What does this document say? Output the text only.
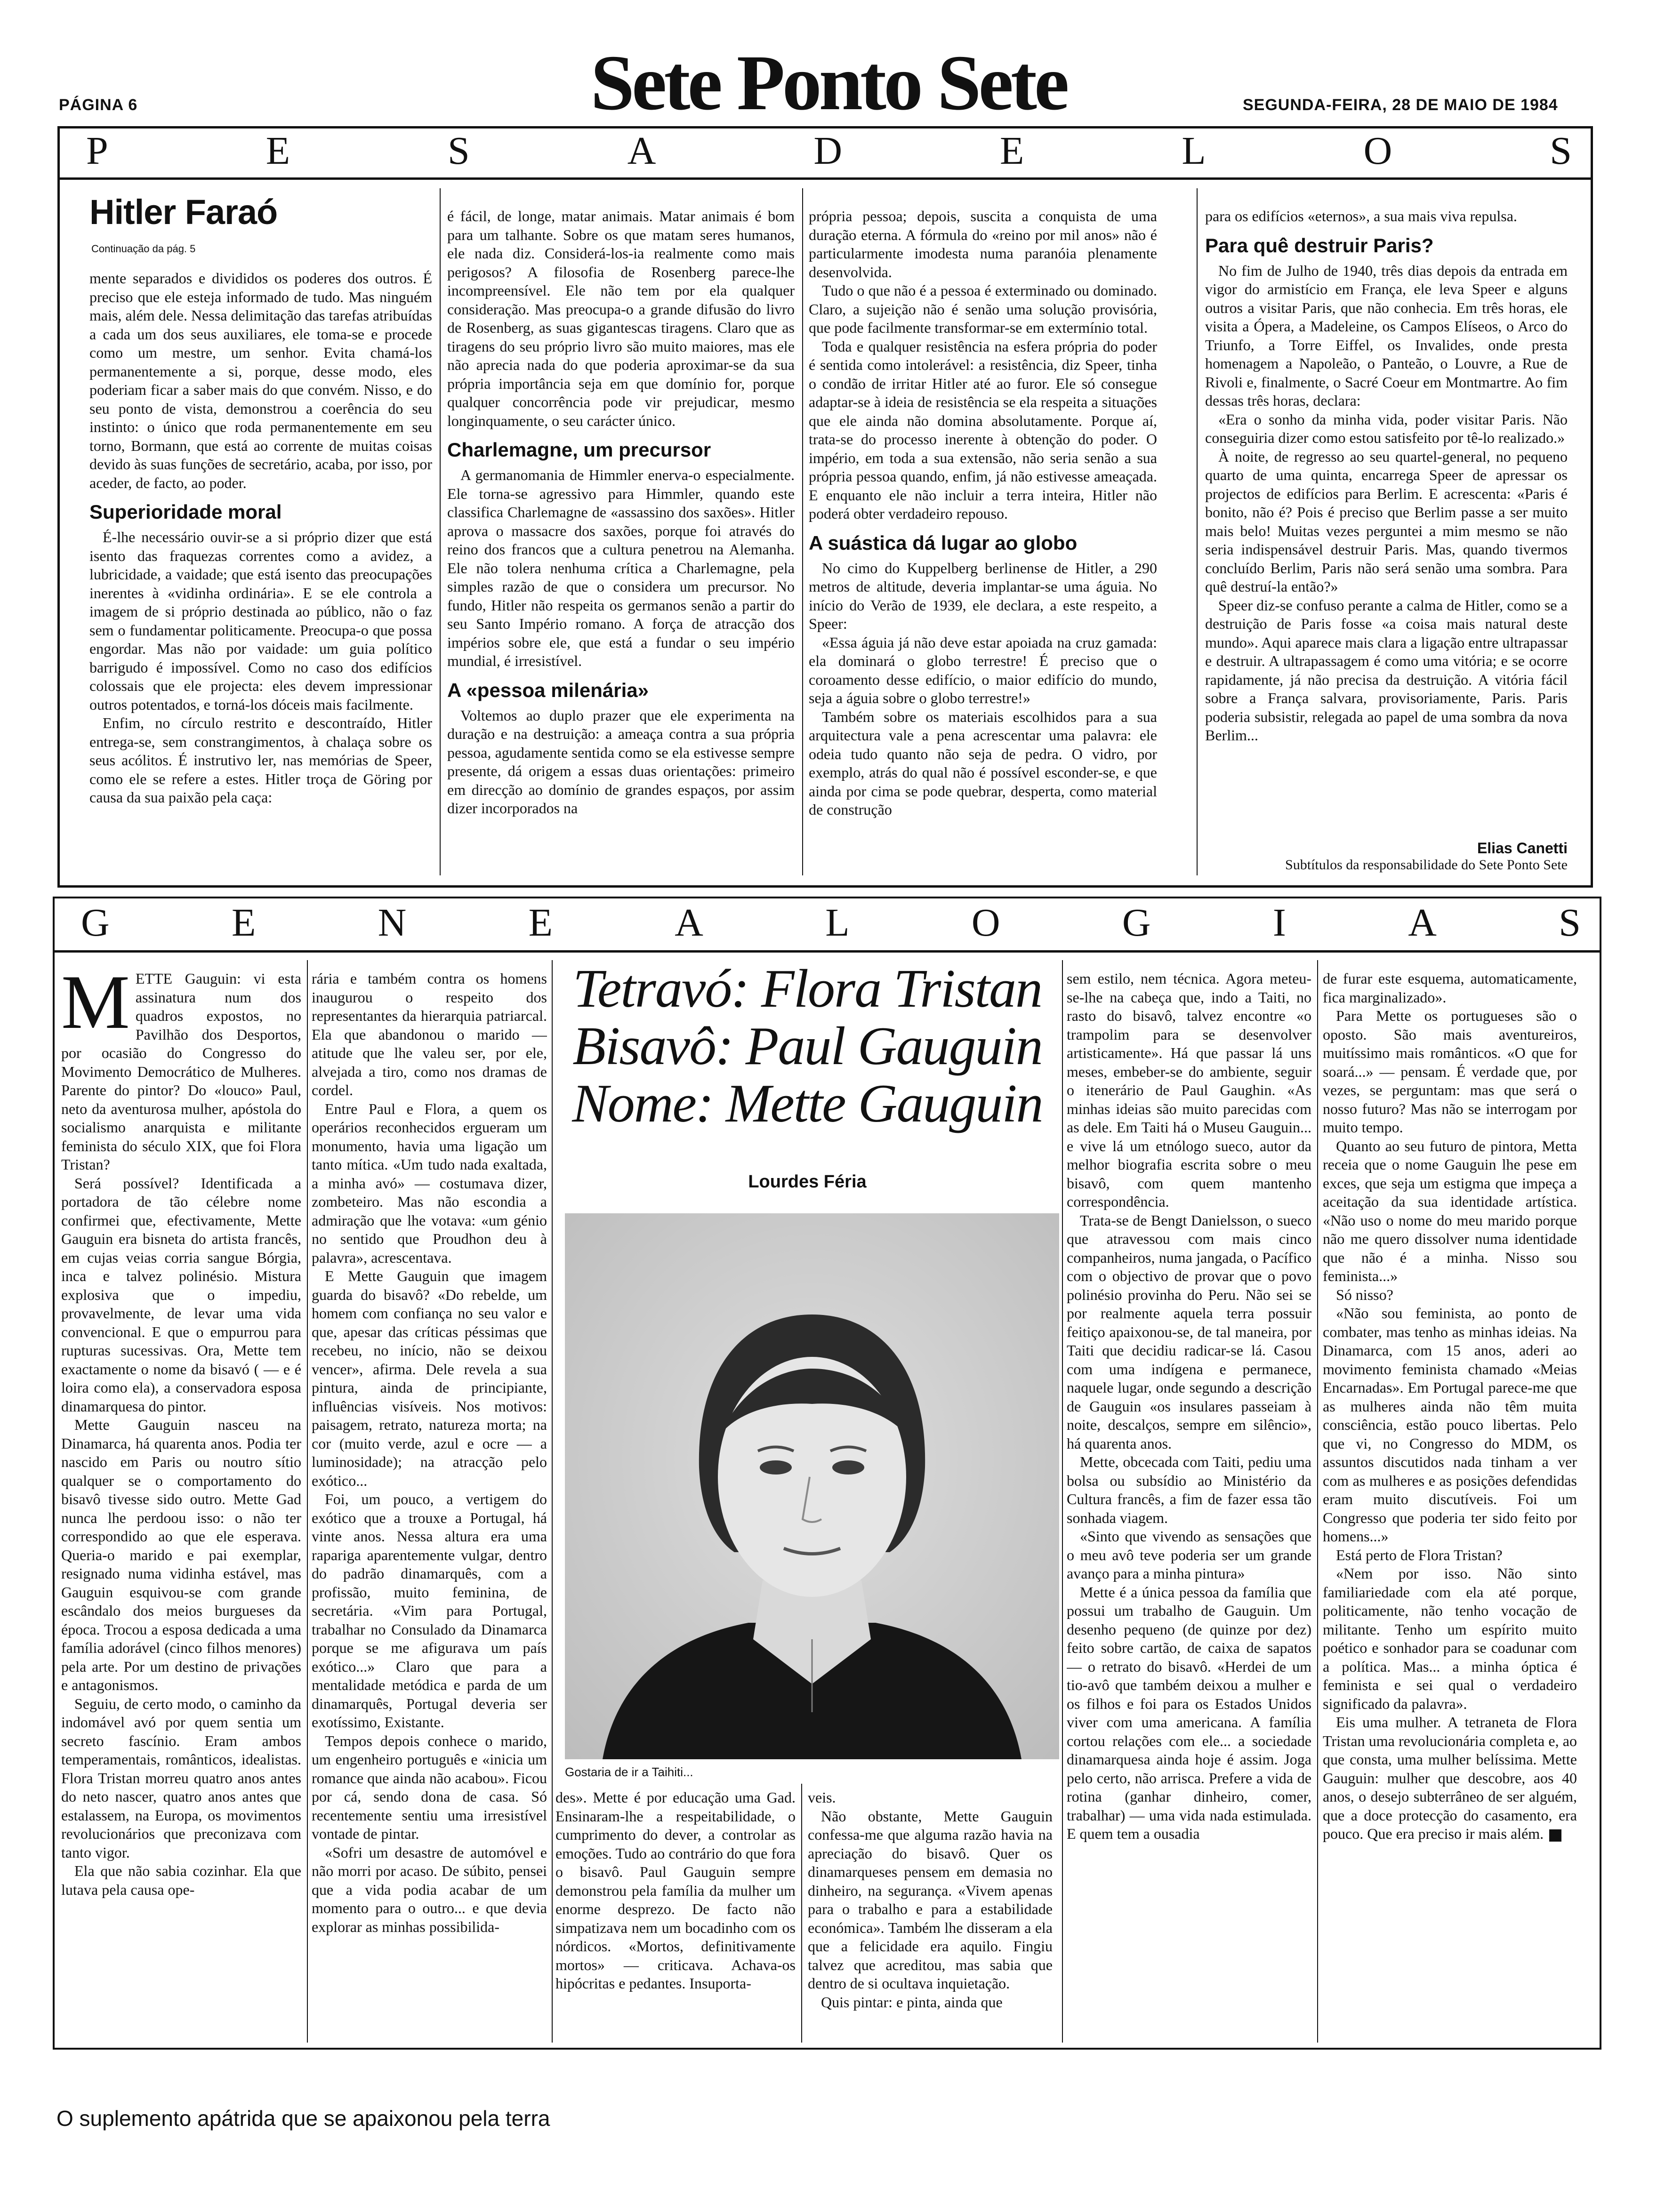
PÁGINA 6	Sete Ponto Sete	SEGUNDA-FEIRA, 28 DE MAIO DE 1984
P	E	S	A	D	E	L	O	S
Hitler Faraó
Continuação da pág. 5

mente separados e divididos os poderes dos outros. É preciso que ele esteja informado de tudo. Mas ninguém mais, além dele. Nessa delimitação das tarefas atribuídas a cada um dos seus auxiliares, ele toma-se e procede como um mestre, um senhor. Evita chamá-los permanentemente a si, porque, desse modo, eles poderiam ficar a saber mais do que convém. Nisso, e do seu ponto de vista, demonstrou a coerência do seu instinto: o único que roda permanentemente em seu torno, Bormann, que está ao corrente de muitas coisas devido às suas funções de secretário, acaba, por isso, por aceder, de facto, ao poder.

Superioridade moral

É-lhe necessário ouvir-se a si próprio dizer que está isento das fraquezas correntes como a avidez, a lubricidade, a vaidade; que está isento das preocupações inerentes à «vidinha ordinária». E se ele controla a imagem de si próprio destinada ao público, não o faz sem o fundamentar politicamente. Preocupa-o que possa engordar. Mas não por vaidade: um guia político barrigudo é impossível. Como no caso dos edifícios colossais que ele projecta: eles devem impressionar outros potentados, e torná-los dóceis mais facilmente.

Enfim, no círculo restrito e descontraído, Hitler entrega-se, sem constrangimentos, à chalaça sobre os seus acólitos. É instrutivo ler, nas memórias de Speer, como ele se refere a estes. Hitler troça de Göring por causa da sua paixão pela caça:

é fácil, de longe, matar animais. Matar animais é bom para um talhante. Sobre os que matam seres humanos, ele nada diz. Considerá-los-ia realmente como mais perigosos? A filosofia de Rosenberg parece-lhe incompreensível. Ele não tem por ela qualquer consideração. Mas preocupa-o a grande difusão do livro de Rosenberg, as suas gigantescas tiragens. Claro que as tiragens do seu próprio livro são muito maiores, mas ele não aprecia nada do que poderia aproximar-se da sua própria importância seja em que domínio for, porque qualquer concorrência pode vir prejudicar, mesmo longinquamente, o seu carácter único.

Charlemagne, um precursor

A germanomania de Himmler enerva-o especialmente. Ele torna-se agressivo para Himmler, quando este classifica Charlemagne de «assassino dos saxões». Hitler aprova o massacre dos saxões, porque foi através do reino dos francos que a cultura penetrou na Alemanha. Ele não tolera nenhuma crítica a Charlemagne, pela simples razão de que o considera um precursor. No fundo, Hitler não respeita os germanos senão a partir do seu Santo Império romano. A força de atracção dos impérios sobre ele, que está a fundar o seu império mundial, é irresistível.

A «pessoa milenária»

Voltemos ao duplo prazer que ele experimenta na duração e na destruição: a ameaça contra a sua própria pessoa, agudamente sentida como se ela estivesse sempre presente, dá origem a essas duas orientações: primeiro em direcção ao domínio de grandes espaços, por assim dizer incorporados na

própria pessoa; depois, suscita a conquista de uma duração eterna. A fórmula do «reino por mil anos» não é particularmente imodesta numa paranóia plenamente desenvolvida.

Tudo o que não é a pessoa é exterminado ou dominado. Claro, a sujeição não é senão uma solução provisória, que pode facilmente transformar-se em extermínio total.

Toda e qualquer resistência na esfera própria do poder é sentida como intolerável: a resistência, diz Speer, tinha o condão de irritar Hitler até ao furor. Ele só consegue adaptar-se à ideia de resistência se ela respeita a situações que ele ainda não domina absolutamente. Porque aí, trata-se do processo inerente à obtenção do poder. O império, em toda a sua extensão, não seria senão a sua própria pessoa quando, enfim, já não estivesse ameaçada. E enquanto ele não incluir a terra inteira, Hitler não poderá obter verdadeiro repouso.

A suástica dá lugar ao globo

No cimo do Kuppelberg berlinense de Hitler, a 290 metros de altitude, deveria implantar-se uma águia. No início do Verão de 1939, ele declara, a este respeito, a Speer:

«Essa águia já não deve estar apoiada na cruz gamada: ela dominará o globo terrestre! É preciso que o coroamento desse edifício, o maior edifício do mundo, seja a águia sobre o globo terrestre!»

Também sobre os materiais escolhidos para a sua arquitectura vale a pena acrescentar uma palavra: ele odeia tudo quanto não seja de pedra. O vidro, por exemplo, atrás do qual não é possível esconder-se, e que ainda por cima se pode quebrar, desperta, como material de construção

para os edifícios «eternos», a sua mais viva repulsa.

Para quê destruir Paris?

No fim de Julho de 1940, três dias depois da entrada em vigor do armistício em França, ele leva Speer e alguns outros a visitar Paris, que não conhecia. Em três horas, ele visita a Ópera, a Madeleine, os Campos Elíseos, o Arco do Triunfo, a Torre Eiffel, os Invalides, onde presta homenagem a Napoleão, o Panteão, o Louvre, a Rue de Rivoli e, finalmente, o Sacré Coeur em Montmartre. Ao fim dessas três horas, declara:

«Era o sonho da minha vida, poder visitar Paris. Não conseguiria dizer como estou satisfeito por tê-lo realizado.»

À noite, de regresso ao seu quartel-general, no pequeno quarto de uma quinta, encarrega Speer de apressar os projectos de edifícios para Berlim. E acrescenta: «Paris é bonito, não é? Pois é preciso que Berlim passe a ser muito mais belo! Muitas vezes perguntei a mim mesmo se não seria indispensável destruir Paris. Mas, quando tivermos concluído Berlim, Paris não será senão uma sombra. Para quê destruí-la então?»

Speer diz-se confuso perante a calma de Hitler, como se a destruição de Paris fosse «a coisa mais natural deste mundo». Aqui aparece mais clara a ligação entre ultrapassar e destruir. A ultrapassagem é como uma vitória; e se ocorre rapidamente, já não precisa da destruição. A vitória fácil sobre a França salvara, provisoriamente, Paris. Paris poderia subsistir, relegada ao papel de uma sombra da nova Berlim...

Elias Canetti
Subtítulos da responsabilidade do Sete Ponto Sete
G	E	N	E	A	L	O	G	I	A	S

METTE Gauguin: vi esta assinatura num dos quadros expostos, no Pavilhão dos Desportos, por ocasião do Congresso do Movimento Democrático de Mulheres. Parente do pintor? Do «louco» Paul, neto da aventurosa mulher, apóstola do socialismo anarquista e militante feminista do século XIX, que foi Flora Tristan?

Será possível? Identificada a portadora de tão célebre nome confirmei que, efectivamente, Mette Gauguin era bisneta do artista francês, em cujas veias corria sangue Bórgia, inca e talvez polinésio. Mistura explosiva que o impediu, provavelmente, de levar uma vida convencional. E que o empurrou para rupturas sucessivas. Ora, Mette tem exactamente o nome da bisavó ( — e é loira como ela), a conservadora esposa dinamarquesa do pintor.

Mette Gauguin nasceu na Dinamarca, há quarenta anos. Podia ter nascido em Paris ou noutro sítio qualquer se o comportamento do bisavô tivesse sido outro. Mette Gad nunca lhe perdoou isso: o não ter correspondido ao que ele esperava. Queria-o marido e pai exemplar, resignado numa vidinha estável, mas Gauguin esquivou-se com grande escândalo dos meios burgueses da época. Trocou a esposa dedicada a uma família adorável (cinco filhos menores) pela arte. Por um destino de privações e antagonismos.

Seguiu, de certo modo, o caminho da indomável avó por quem sentia um secreto fascínio. Eram ambos temperamentais, românticos, idealistas. Flora Tristan morreu quatro anos antes do neto nascer, quatro anos antes que estalassem, na Europa, os movimentos revolucionários que preconizava com tanto vigor.

Ela que não sabia cozinhar. Ela que lutava pela causa ope-

rária e também contra os homens inaugurou o respeito dos representantes da hierarquia patriarcal. Ela que abandonou o marido — atitude que lhe valeu ser, por ele, alvejada a tiro, como nos dramas de cordel.

Entre Paul e Flora, a quem os operários reconhecidos ergueram um monumento, havia uma ligação um tanto mítica. «Um tudo nada exaltada, a minha avó» — costumava dizer, zombeteiro. Mas não escondia a admiração que lhe votava: «um génio no sentido que Proudhon deu à palavra», acrescentava.

E Mette Gauguin que imagem guarda do bisavô? «Do rebelde, um homem com confiança no seu valor e que, apesar das críticas péssimas que recebeu, no início, não se deixou vencer», afirma. Dele revela a sua pintura, ainda de principiante, influências visíveis. Nos motivos: paisagem, retrato, natureza morta; na cor (muito verde, azul e ocre — a luminosidade); na atracção pelo exótico...

Foi, um pouco, a vertigem do exótico que a trouxe a Portugal, há vinte anos. Nessa altura era uma rapariga aparentemente vulgar, dentro do padrão dinamarquês, com a profissão, muito feminina, de secretária. «Vim para Portugal, trabalhar no Consulado da Dinamarca porque se me afigurava um país exótico...» Claro que para a mentalidade metódica e parda de um dinamarquês, Portugal deveria ser exotíssimo, Existante.

Tempos depois conhece o marido, um engenheiro português e «inicia um romance que ainda não acabou». Ficou por cá, sendo dona de casa. Só recentemente sentiu uma irresistível vontade de pintar.

«Sofri um desastre de automóvel e não morri por acaso. De súbito, pensei que a vida podia acabar de um momento para o outro... e que devia explorar as minhas possibilida-

Tetravó: Flora Tristan
Bisavô: Paul Gauguin
Nome: Mette Gauguin
Lourdes Féria
Gostaria de ir a Taihiti...

des». Mette é por educação uma Gad. Ensinaram-lhe a respeitabilidade, o cumprimento do dever, a controlar as emoções. Tudo ao contrário do que fora o bisavô. Paul Gauguin sempre demonstrou pela família da mulher um enorme desprezo. De facto não simpatizava nem um bocadinho com os nórdicos. «Mortos, definitivamente mortos» — criticava. Achava-os hipócritas e pedantes. Insuporta-

veis.

Não obstante, Mette Gauguin confessa-me que alguma razão havia na apreciação do bisavô. Quer os dinamarqueses pensem em demasia no dinheiro, na segurança. «Vivem apenas para o trabalho e para a estabilidade económica». Também lhe disseram a ela que a felicidade era aquilo. Fingiu talvez que acreditou, mas sabia que dentro de si ocultava inquietação.

Quis pintar: e pinta, ainda que

sem estilo, nem técnica. Agora meteu-se-lhe na cabeça que, indo a Taiti, no rasto do bisavô, talvez encontre «o trampolim para se desenvolver artisticamente». Há que passar lá uns meses, embeber-se do ambiente, seguir o itenerário de Paul Gaughin. «As minhas ideias são muito parecidas com as dele. Em Taiti há o Museu Gauguin... e vive lá um etnólogo sueco, autor da melhor biografia escrita sobre o meu bisavô, com quem mantenho correspondência.

Trata-se de Bengt Danielsson, o sueco que atravessou com mais cinco companheiros, numa jangada, o Pacífico com o objectivo de provar que o povo polinésio provinha do Peru. Não sei se por realmente aquela terra possuir feitiço apaixonou-se, de tal maneira, por Taiti que decidiu radicar-se lá. Casou com uma indígena e permanece, naquele lugar, onde segundo a descrição de Gauguin «os insulares passeiam à noite, descalços, sempre em silêncio», há quarenta anos.

Mette, obcecada com Taiti, pediu uma bolsa ou subsídio ao Ministério da Cultura francês, a fim de fazer essa tão sonhada viagem.

«Sinto que vivendo as sensações que o meu avô teve poderia ser um grande avanço para a minha pintura»

Mette é a única pessoa da família que possui um trabalho de Gauguin. Um desenho pequeno (de quinze por dez) feito sobre cartão, de caixa de sapatos — o retrato do bisavô. «Herdei de um tio-avô que também deixou a mulher e os filhos e foi para os Estados Unidos viver com uma americana. A família cortou relações com ele... a sociedade dinamarquesa ainda hoje é assim. Joga pelo certo, não arrisca. Prefere a vida de rotina (ganhar dinheiro, comer, trabalhar) — uma vida nada estimulada. E quem tem a ousadia

de furar este esquema, automaticamente, fica marginalizado».

Para Mette os portugueses são o oposto. São mais aventureiros, muitíssimo mais românticos. «O que for soará...» — pensam. É verdade que, por vezes, se perguntam: mas que será o nosso futuro? Mas não se interrogam por muito tempo.

Quanto ao seu futuro de pintora, Metta receia que o nome Gauguin lhe pese em exces, que seja um estigma que impeça a aceitação da sua identidade artística. «Não uso o nome do meu marido porque não me quero dissolver numa identidade que não é a minha. Nisso sou feminista...»

Só nisso?

«Não sou feminista, ao ponto de combater, mas tenho as minhas ideias. Na Dinamarca, com 15 anos, aderi ao movimento feminista chamado «Meias Encarnadas». Em Portugal parece-me que as mulheres ainda não têm muita consciência, estão pouco libertas. Pelo que vi, no Congresso do MDM, os assuntos discutidos nada tinham a ver com as mulheres e as posições defendidas eram muito discutíveis. Foi um Congresso que poderia ter sido feito por homens...»

Está perto de Flora Tristan?

«Nem por isso. Não sinto familiariedade com ela até porque, politicamente, não tenho vocação de militante. Tenho um espírito muito poético e sonhador para se coadunar com a política. Mas... a minha óptica é feminista e sei qual o verdadeiro significado da palavra».

Eis uma mulher. A tetraneta de Flora Tristan uma revolucionária completa e, ao que consta, uma mulher belíssima. Mette Gauguin: mulher que descobre, aos 40 anos, o desejo subterrâneo de ser alguém, que a doce protecção do casamento, era pouco. Que era preciso ir mais além.

O suplemento apátrida que se apaixonou pela terra
